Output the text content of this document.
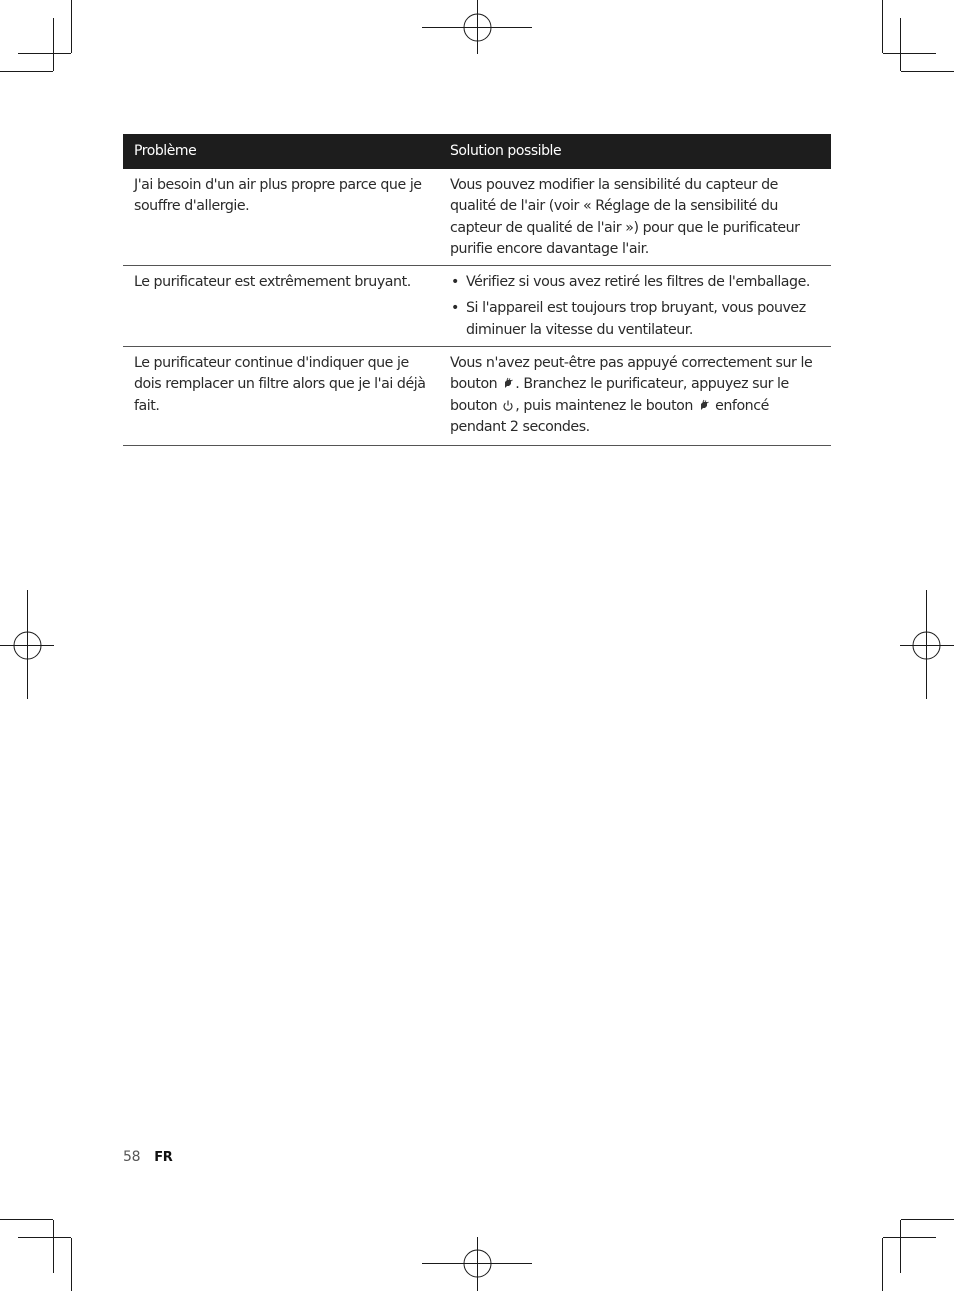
Problème	Solution possible
J'ai besoin d'un air plus propre parce que je souffre d'allergie.
Vous pouvez modifier la sensibilité du capteur de qualité de l'air (voir « Réglage de la sensibilité du capteur de qualité de l'air ») pour que le purificateur purifie encore davantage l'air.
Le purificateur est extrêmement bruyant.	• Vérifiez si vous avez retiré les filtres de l'emballage.
• Si l'appareil est toujours trop bruyant, vous pouvez diminuer la vitesse du ventilateur.
Le purificateur continue d'indiquer que je dois remplacer un filtre alors que je l'ai déjà fait.
Vous n'avez peut-être pas appuyé correctement sur le bouton . Branchez le purificateur, appuyez sur le bouton , puis maintenez le bouton  enfoncé pendant 2 secondes.
58 FR
